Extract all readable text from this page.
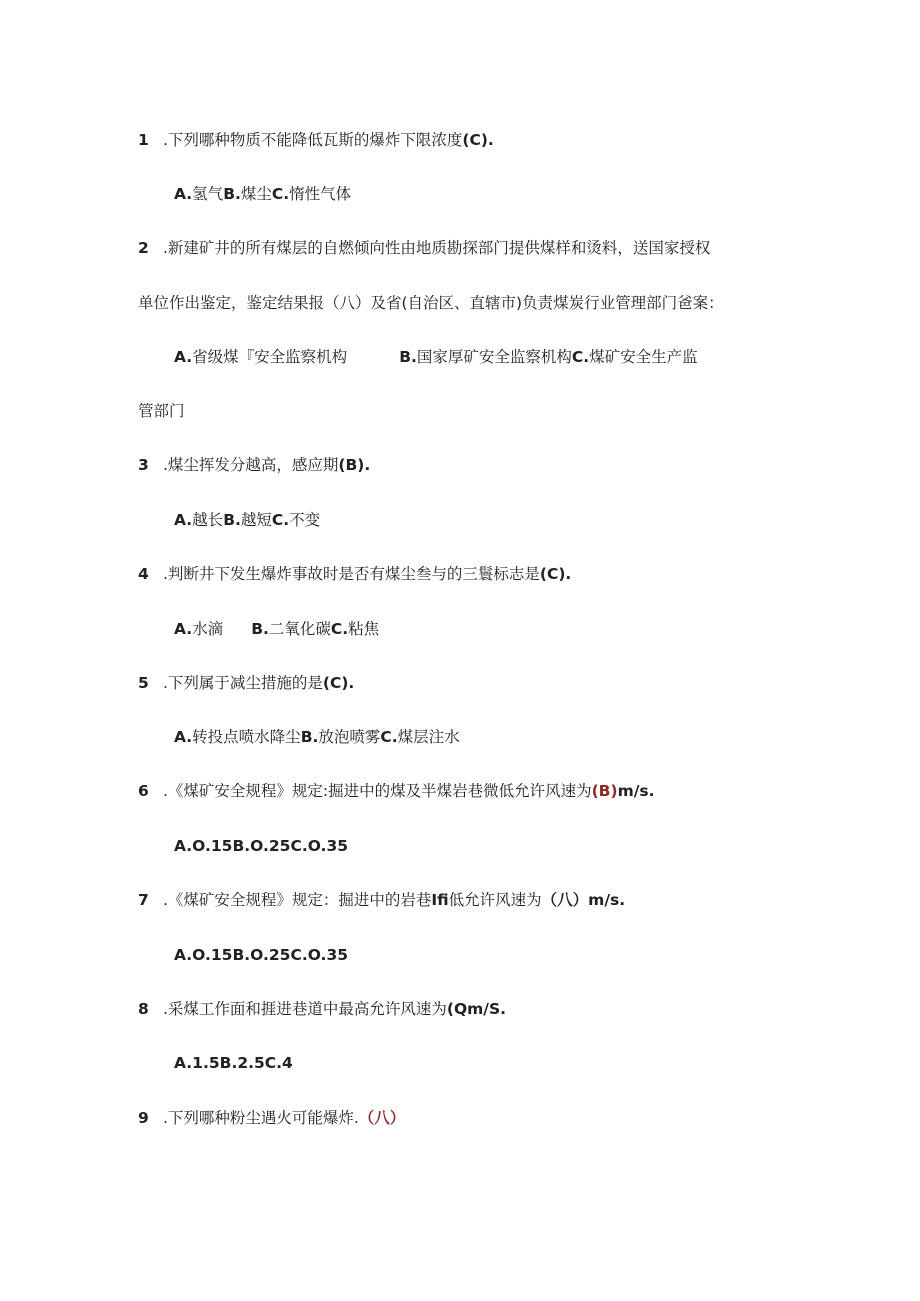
1 .下列哪种物质不能降低瓦斯的爆炸下限浓度(C).
A.氢气B.煤尘C.惰性气体
2 .新建矿井的所有煤层的自燃倾向性由地质勘探部门提供煤样和烫料，送国家授权
单位作出鉴定，鉴定结果报（八）及省(自治区、直辖市)负责煤炭行业管理部门爸案：
A.省级煤『安全监察机构	B.国家厚矿安全监察机构C.煤矿安全生产监
管部门
3 .煤尘挥发分越高，感应期(B).
A.越长B.越短C.不变
4 .判断井下发生爆炸事故时是否有煤尘叁与的三鬟标志是(C).
A.水滴 B.二氧化碳C.粘焦
5 .下列属于减尘措施的是(C).
A.转投点喷水降尘B.放泡喷雾C.煤层注水
6 .《煤矿安全规程》规定:掘进中的煤及半煤岩巷微低允许风速为(B)m/s.
A.O.15B.O.25C.O.35
7 .《煤矿安全规程》规定：掘进中的岩巷Ifi低允许风速为（八）m/s.
A.O.15B.O.25C.O.35
8 .采煤工作面和捱进巷道中最高允许风速为(Qm/S.
A.1.5B.2.5C.4
9 .下列哪种粉尘遇火可能爆炸.（八）
